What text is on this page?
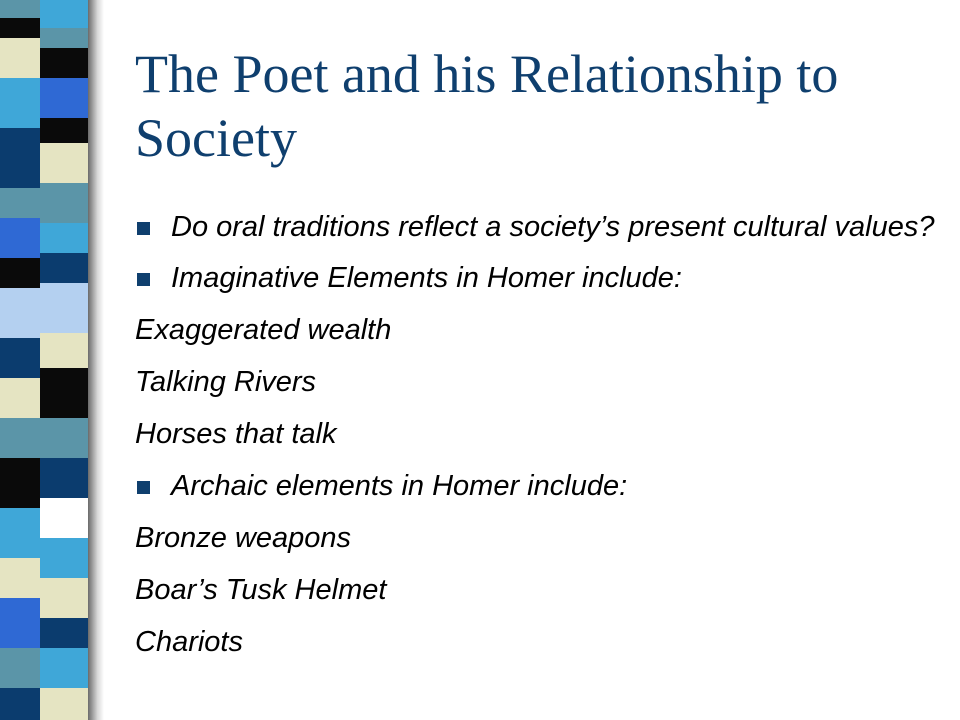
The Poet and his Relationship to Society
Do oral traditions reflect a society’s present cultural values?
Imaginative Elements in Homer include:
Exaggerated wealth
Talking Rivers
Horses that talk
Archaic elements in Homer include:
Bronze weapons
Boar’s Tusk Helmet
Chariots
